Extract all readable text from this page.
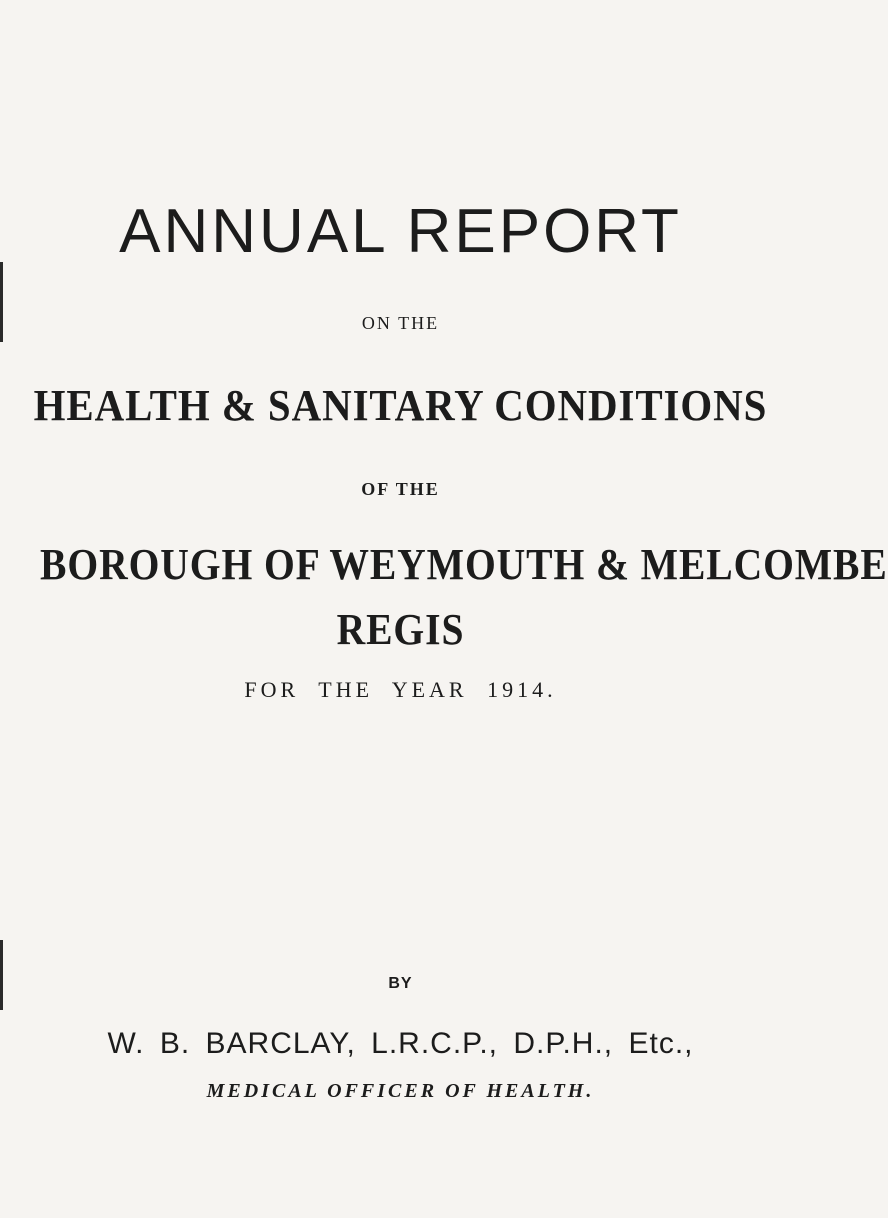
ANNUAL REPORT
ON THE
HEALTH & SANITARY CONDITIONS
OF THE
BOROUGH OF WEYMOUTH & MELCOMBE
REGIS
FOR THE YEAR 1914.
BY
W. B. BARCLAY, L.R.C.P., D.P.H., Etc.,
MEDICAL OFFICER OF HEALTH.
